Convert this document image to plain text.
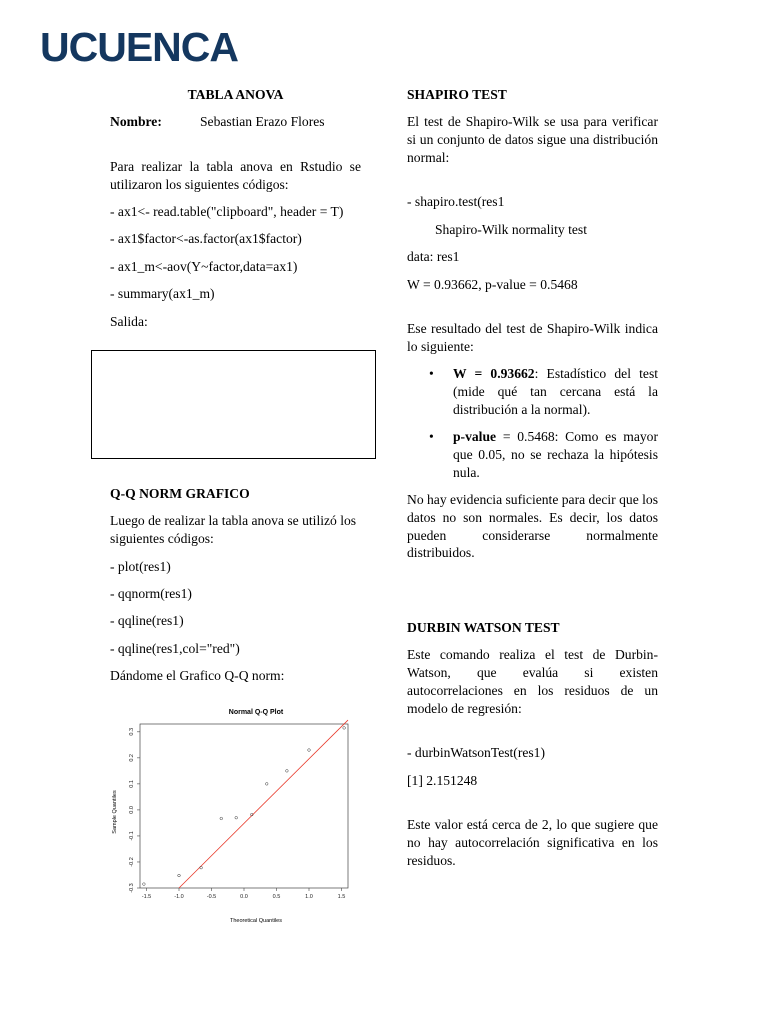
UCUENCA

TABLA ANOVA

Nombre:	Sebastian Erazo Flores

Para realizar la tabla anova en Rstudio se utilizaron los siguientes códigos:

- ax1<- read.table("clipboard", header = T)

- ax1$factor<-as.factor(ax1$factor)

- ax1_m<-aov(Y~factor,data=ax1)

- summary(ax1_m)

Salida:

Q-Q NORM GRAFICO

Luego de realizar la tabla anova se utilizó los siguientes códigos:

- plot(res1)

- qqnorm(res1)

- qqline(res1)

- qqline(res1,col="red")

Dándome el Grafico Q-Q norm:

Normal Q-Q Plot
Theoretical Quantiles
Sample Quantiles
-1.5	-1.0	-0.5	0.0	0.5	1.0	1.5
-0.3
-0.2
-0.1
0.0
0.1
0.2
0.3

SHAPIRO TEST

El test de Shapiro-Wilk se usa para verificar si un conjunto de datos sigue una distribución normal:

- shapiro.test(res1

Shapiro-Wilk normality test

data: res1

W = 0.93662, p-value = 0.5468

Ese resultado del test de Shapiro-Wilk indica lo siguiente:

• W = 0.93662: Estadístico del test (mide qué tan cercana está la distribución a la normal).
• p-value = 0.5468: Como es mayor que 0.05, no se rechaza la hipótesis nula.

No hay evidencia suficiente para decir que los datos no son normales. Es decir, los datos pueden considerarse normalmente distribuidos.

DURBIN WATSON TEST

Este comando realiza el test de Durbin-Watson, que evalúa si existen autocorrelaciones en los residuos de un modelo de regresión:

- durbinWatsonTest(res1)

[1] 2.151248

Este valor está cerca de 2, lo que sugiere que no hay autocorrelación significativa en los residuos.
